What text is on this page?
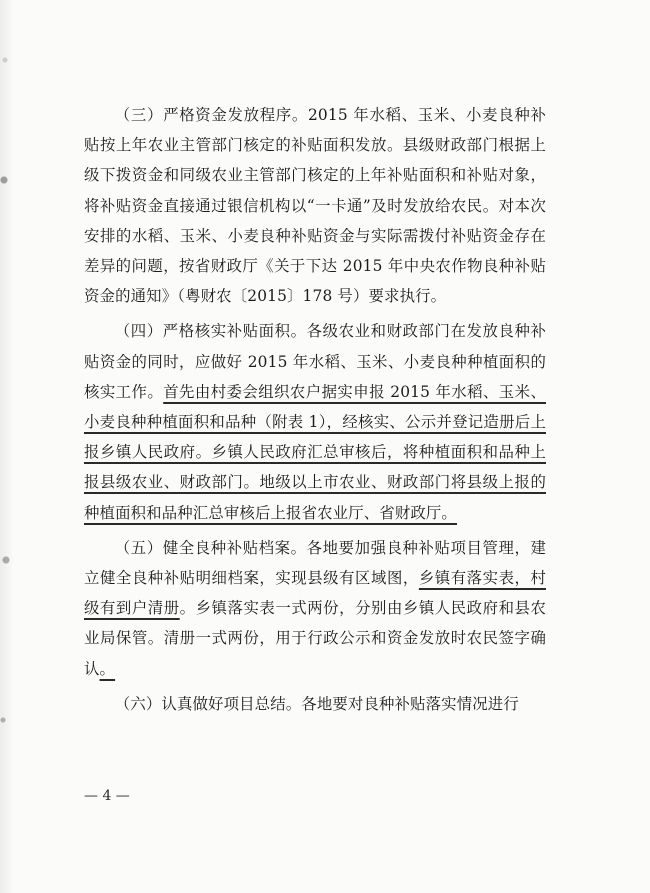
（三）严格资金发放程序。2015 年水稻、玉米、小麦良种补贴按上年农业主管部门核定的补贴面积发放。县级财政部门根据上级下拨资金和同级农业主管部门核定的上年补贴面积和补贴对象，将补贴资金直接通过银信机构以“一卡通”及时发放给农民。对本次安排的水稻、玉米、小麦良种补贴资金与实际需拨付补贴资金存在差异的问题，按省财政厅《关于下达 2015 年中央农作物良种补贴资金的通知》（粤财农〔2015〕178 号）要求执行。

（四）严格核实补贴面积。各级农业和财政部门在发放良种补贴资金的同时，应做好 2015 年水稻、玉米、小麦良种种植面积的核实工作。首先由村委会组织农户据实申报 2015 年水稻、玉米、小麦良种种植面积和品种（附表 1），经核实、公示并登记造册后上报乡镇人民政府。乡镇人民政府汇总审核后，将种植面积和品种上报县级农业、财政部门。地级以上市农业、财政部门将县级上报的种植面积和品种汇总审核后上报省农业厅、省财政厅。

（五）健全良种补贴档案。各地要加强良种补贴项目管理，建立健全良种补贴明细档案，实现县级有区域图，乡镇有落实表，村级有到户清册。乡镇落实表一式两份，分别由乡镇人民政府和县农业局保管。清册一式两份，用于行政公示和资金发放时农民签字确认。

（六）认真做好项目总结。各地要对良种补贴落实情况进行

— 4 —
